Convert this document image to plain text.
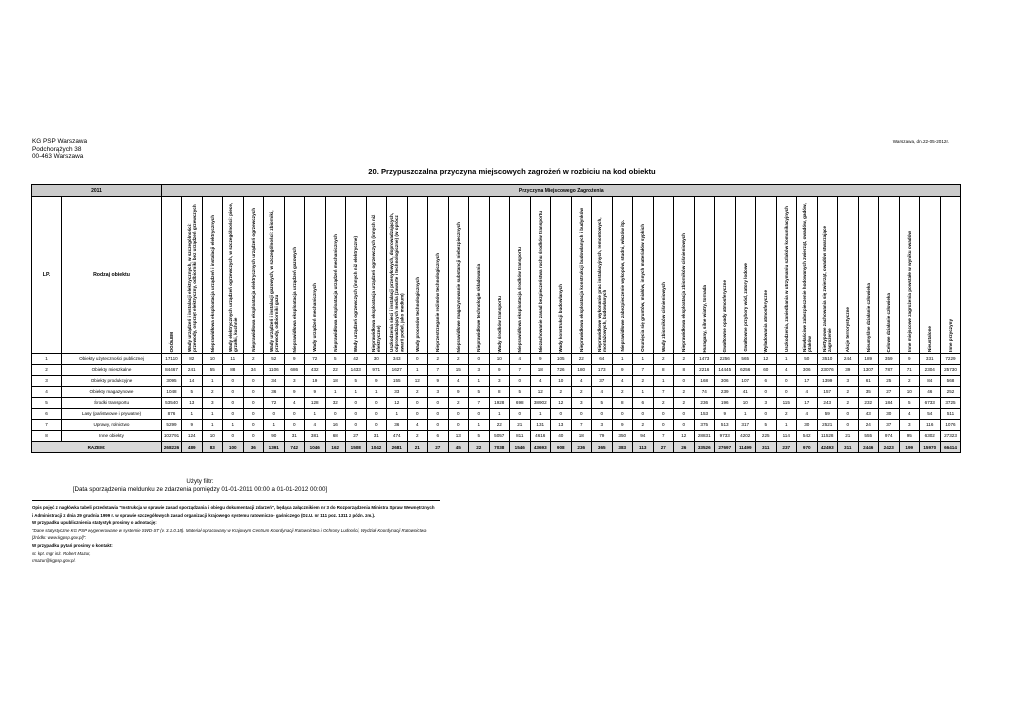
KG PSP Warszawa
Podchorążych 38
00-463 Warszawa
Warszawa, dn.22-05-2012r.
20. Przypuszczalna przyczyna miejscowych zagrożeń w rozbiciu na kod obiektu
2011		Przyczyna Miejscowego Zagrożenia																																						
LP.	Rodzaj obiektu	OGÓŁEM	Wady urządzeń i instalacji elektrycznych, w szczególności: przewody, osprzęt elektryczny, odbiorniki bez urządzeń grzewczych	Nieprawidłowa eksploatacja urządzeń i instalacji elektrycznych	Wady elektrycznych urządzeń ogrzewczych, w szczególności: piece, grzałki, kuchnie	Nieprawidłowa eksploatacja elektrycznych urządzeń ogrzewczych	Wady urządzeń i instalacji gazowych, w szczególności: zbiorniki, przewody, odbiorniki gazu	Nieprawidłowa eksploatacja urządzeń gazowych	Wady urządzeń mechanicznych	Nieprawidłowa eksploatacja urządzeń mechanicznych	Wady urządzeń ogrzewczych (innych niż elektryczne)	Nieprawidłowa eksploatacja urządzeń ogrzewczych (innych niż elektryczne)	Uszkodzenia sieci i instalacji przesyłowych, doprowadzających, odprowadzających media (zawarte i technologiczne) (w oprócz awarii podeł, jako medium)	Wady procesów technologicznych	Nieprzestrzeganie reżimów technologicznych	Nieprawidłowe magazynowanie substancji niebezpiecznych	Nieprawidłowe technologie składowania	Wady środków transportu	Nieprawidłowa eksploatacja środków transportu	Niezachowanie zasad bezpieczeństwa ruchu środków transportu	Wady konstrukcji budowlanych	Nieprawidłowa eksploatacja konstrukcji budowlanych i budynków	Nieprawidłowe wykonanie prac instalacyjnych, remontowych, montażowych, budowlanych	Nieprawidłowe zabezpieczenie wykopów, studni, włazów itp.	Osunięcia się gruntów, miałów, innych materiałów sypkich	Wady zbiorników ciśnieniowych	Nieprawidłowa eksploatacja zbiorników ciśnieniowych	Huragany, silne wiatry, tornada	Gwałtowne opady atmosferyczne	Gwałtowne przybory wód, zatory lodowe	Wyładowania atmosferyczne	Uszkodzenia, zaniedbania w utrzymaniu szlaków komunikacyjnych	Niewłaściwe zabezpieczenie hodowanych zwierząt, owadów, gadów, ptaków	Niettypowe zachowania się zwierząt, owadów stwarzające zagrożenie	Akcje terrorystyczne	Nieumyślne działanie człowieka	Celowe działanie człowieka	Inne miejscowe zagrożenia powstałe w wyniku owadów	Nieustalone	Inne przyczyny
1	Obiekty użyteczności publicznej	17110	82	10	11	2	52	9	72	5	42	30	343	0	2	2	0	10	4	9	105	22	64	1	1	2	2	1473	2256	565	12	1	50	3510	244	189	359	9	331	7229
2	Obiekty mieszkalne	84467	241	55	88	34	1106	686	432	22	1433	971	1627	1	7	15	3	9	7	18	726	180	173	9	7	8	8	2216	14445	6256	60	4	306	23076	39	1307	787	71	2304	25730
3	Obiekty produkcyjne	3095	14	1	0	0	34	3	19	18	5	9	155	12	9	4	1	3	0	4	10	4	37	4	2	1	0	168	306	107	6	0	17	1399	3	61	25	2	84	568
4	Obiekty magazynowe	1048	5	2	0	0	36	9	9	1	1	1	33	2	3	9	5	8	5	12	2	2	4	2	1	7	2	74	239	41	0	0	4	157	2	35	27	10	46	252
5	Środki transportu	53540	13	3	0	0	72	4	128	32	0	0	12	0	0	2	7	1928	698	38902	12	3	5	8	6	2	2	236	196	10	3	115	17	243	2	232	184	5	6733	3725
6	Lasy (państwowe i prywatne)	876	1	1	0	0	0	0	1	0	0	0	1	0	0	0	0	1	0	1	0	0	0	0	0	0	0	153	9	1	0	2	4	59	0	43	30	4	54	511
7	Uprawy, rolnictwo	5299	9	1	1	0	1	0	4	16	0	0	36	4	0	0	1	22	21	131	13	7	3	9	2	0	0	375	513	317	5	1	30	2521	0	24	37	3	116	1076
8	Inne obiekty	102791	124	10	0	0	90	31	381	68	27	31	474	2	6	13	5	5057	811	4616	40	18	79	350	94	7	12	28831	9733	4202	225	114	542	11528	21	555	974	95	6302	27323
RAZEM:		268226	489	83	100	36	1391	742	1046	162	1508	1042	2681	21	27	45	22	7038	1546	43693	908	236	365	383	113	27	26	33526	27697	11499	311	237	970	42493	311	2446	2423	199	15970	66414
Użyty filtr:
[Data sporządzenia meldunku ze zdarzenia pomiędzy 01-01-2011 00:00 a 01-01-2012 00:00]
Opis pojęć z nagłówka tabeli przedstawia "Instrukcja w sprawie zasad sporządzania i obiegu dokumentacji zdarzeń", będąca załącznikiem nr 3 do Rozporządzenia Ministra Spraw Wewnętrznych
i Administracji z dnia 29 grudnia 1999 r. w sprawie szczegółowych zasad organizacji krajowego systemu ratowniczo- gaśniczego (Dz.U. nr 111 poz. 1311 z późn. zm.).
W przypadku upublicznienia statystyk prosimy o adnotację:
"Dane statystyczne KG PSP wygenerowane w systemie SWD-ST (v. 3.1.0.18). Materiał opracowany w Krajowym Centrum Koordynacji Ratownictwa i Ochrony Ludności, Wydział Koordynacji Ratownictwa
[źródło: www.kgpsp.gov.pl]".
W przypadku pytań prosimy o kontakt:
st. kpt. mgr inż. Robert Mazur,
rmazur@kgpsp.gov.pl.
